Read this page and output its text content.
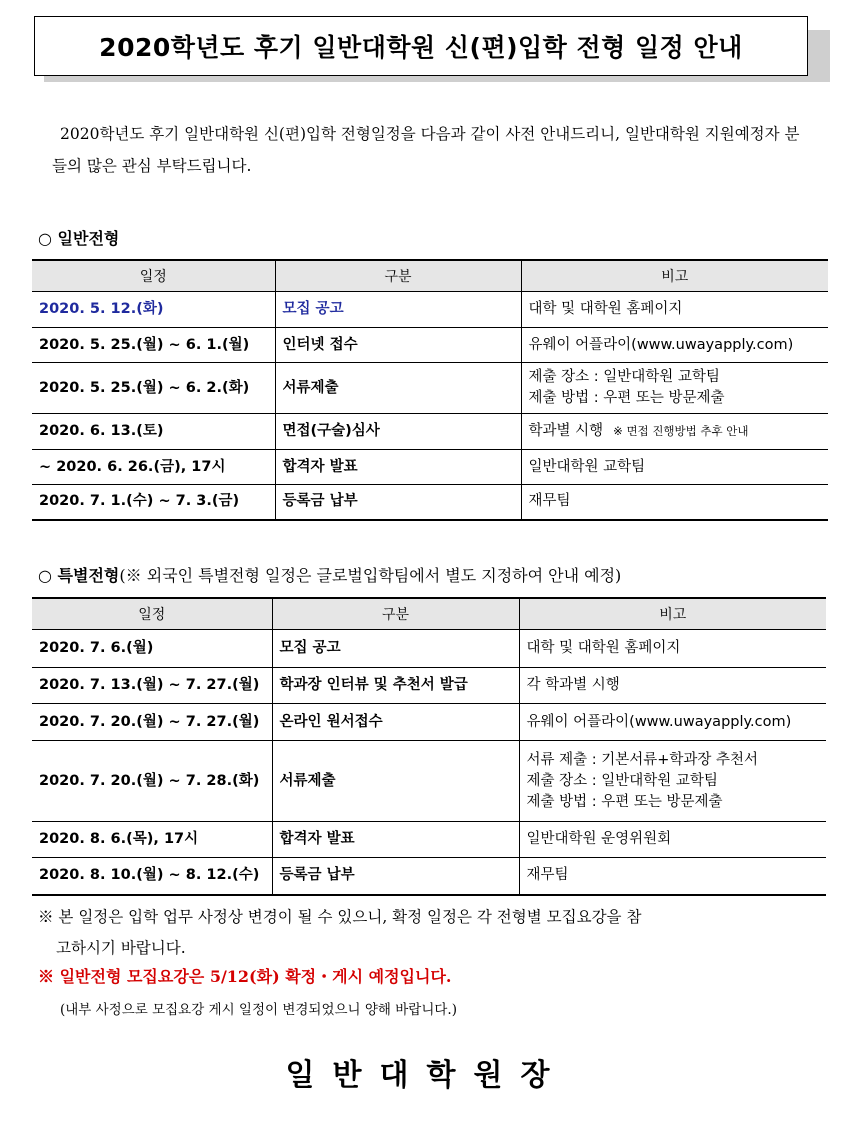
2020학년도 후기 일반대학원 신(편)입학 전형 일정 안내
2020학년도 후기 일반대학원 신(편)입학 전형일정을 다음과 같이 사전 안내드리니, 일반대학원 지원예정자 분들의 많은 관심 부탁드립니다.
○ 일반전형
일정	구분	비고
2020. 5. 12.(화)	모집 공고	대학 및 대학원 홈페이지
2020. 5. 25.(월) ~ 6. 1.(월)	인터넷 접수	유웨이 어플라이(www.uwayapply.com)
2020. 5. 25.(월) ~ 6. 2.(화)	서류제출	제출 장소 : 일반대학원 교학팀
제출 방법 : 우편 또는 방문제출

2020. 6. 13.(토)	면접(구술)심사	학과별 시행 ※ 면접 진행방법 추후 안내
~ 2020. 6. 26.(금), 17시	합격자 발표	일반대학원 교학팀
2020. 7. 1.(수) ~ 7. 3.(금)	등록금 납부	재무팀
○ 특별전형(※ 외국인 특별전형 일정은 글로벌입학팀에서 별도 지정하여 안내 예정)
일정	구분	비고
2020. 7. 6.(월)	모집 공고	대학 및 대학원 홈페이지
2020. 7. 13.(월) ~ 7. 27.(월)	학과장 인터뷰 및 추천서 발급	각 학과별 시행
2020. 7. 20.(월) ~ 7. 27.(월)	온라인 원서접수	유웨이 어플라이(www.uwayapply.com)
2020. 7. 20.(월) ~ 7. 28.(화)	서류제출	서류 제출 : 기본서류+학과장 추천서
제출 장소 : 일반대학원 교학팀
제출 방법 : 우편 또는 방문제출

2020. 8. 6.(목), 17시	합격자 발표	일반대학원 운영위원회
2020. 8. 10.(월) ~ 8. 12.(수)	등록금 납부	재무팀
※ 본 일정은 입학 업무 사정상 변경이 될 수 있으니, 확정 일정은 각 전형별 모집요강을 참
고하시기 바랍니다.
※ 일반전형 모집요강은 5/12(화) 확정・게시 예정입니다.
(내부 사정으로 모집요강 게시 일정이 변경되었으니 양해 바랍니다.)
일반대학원장
